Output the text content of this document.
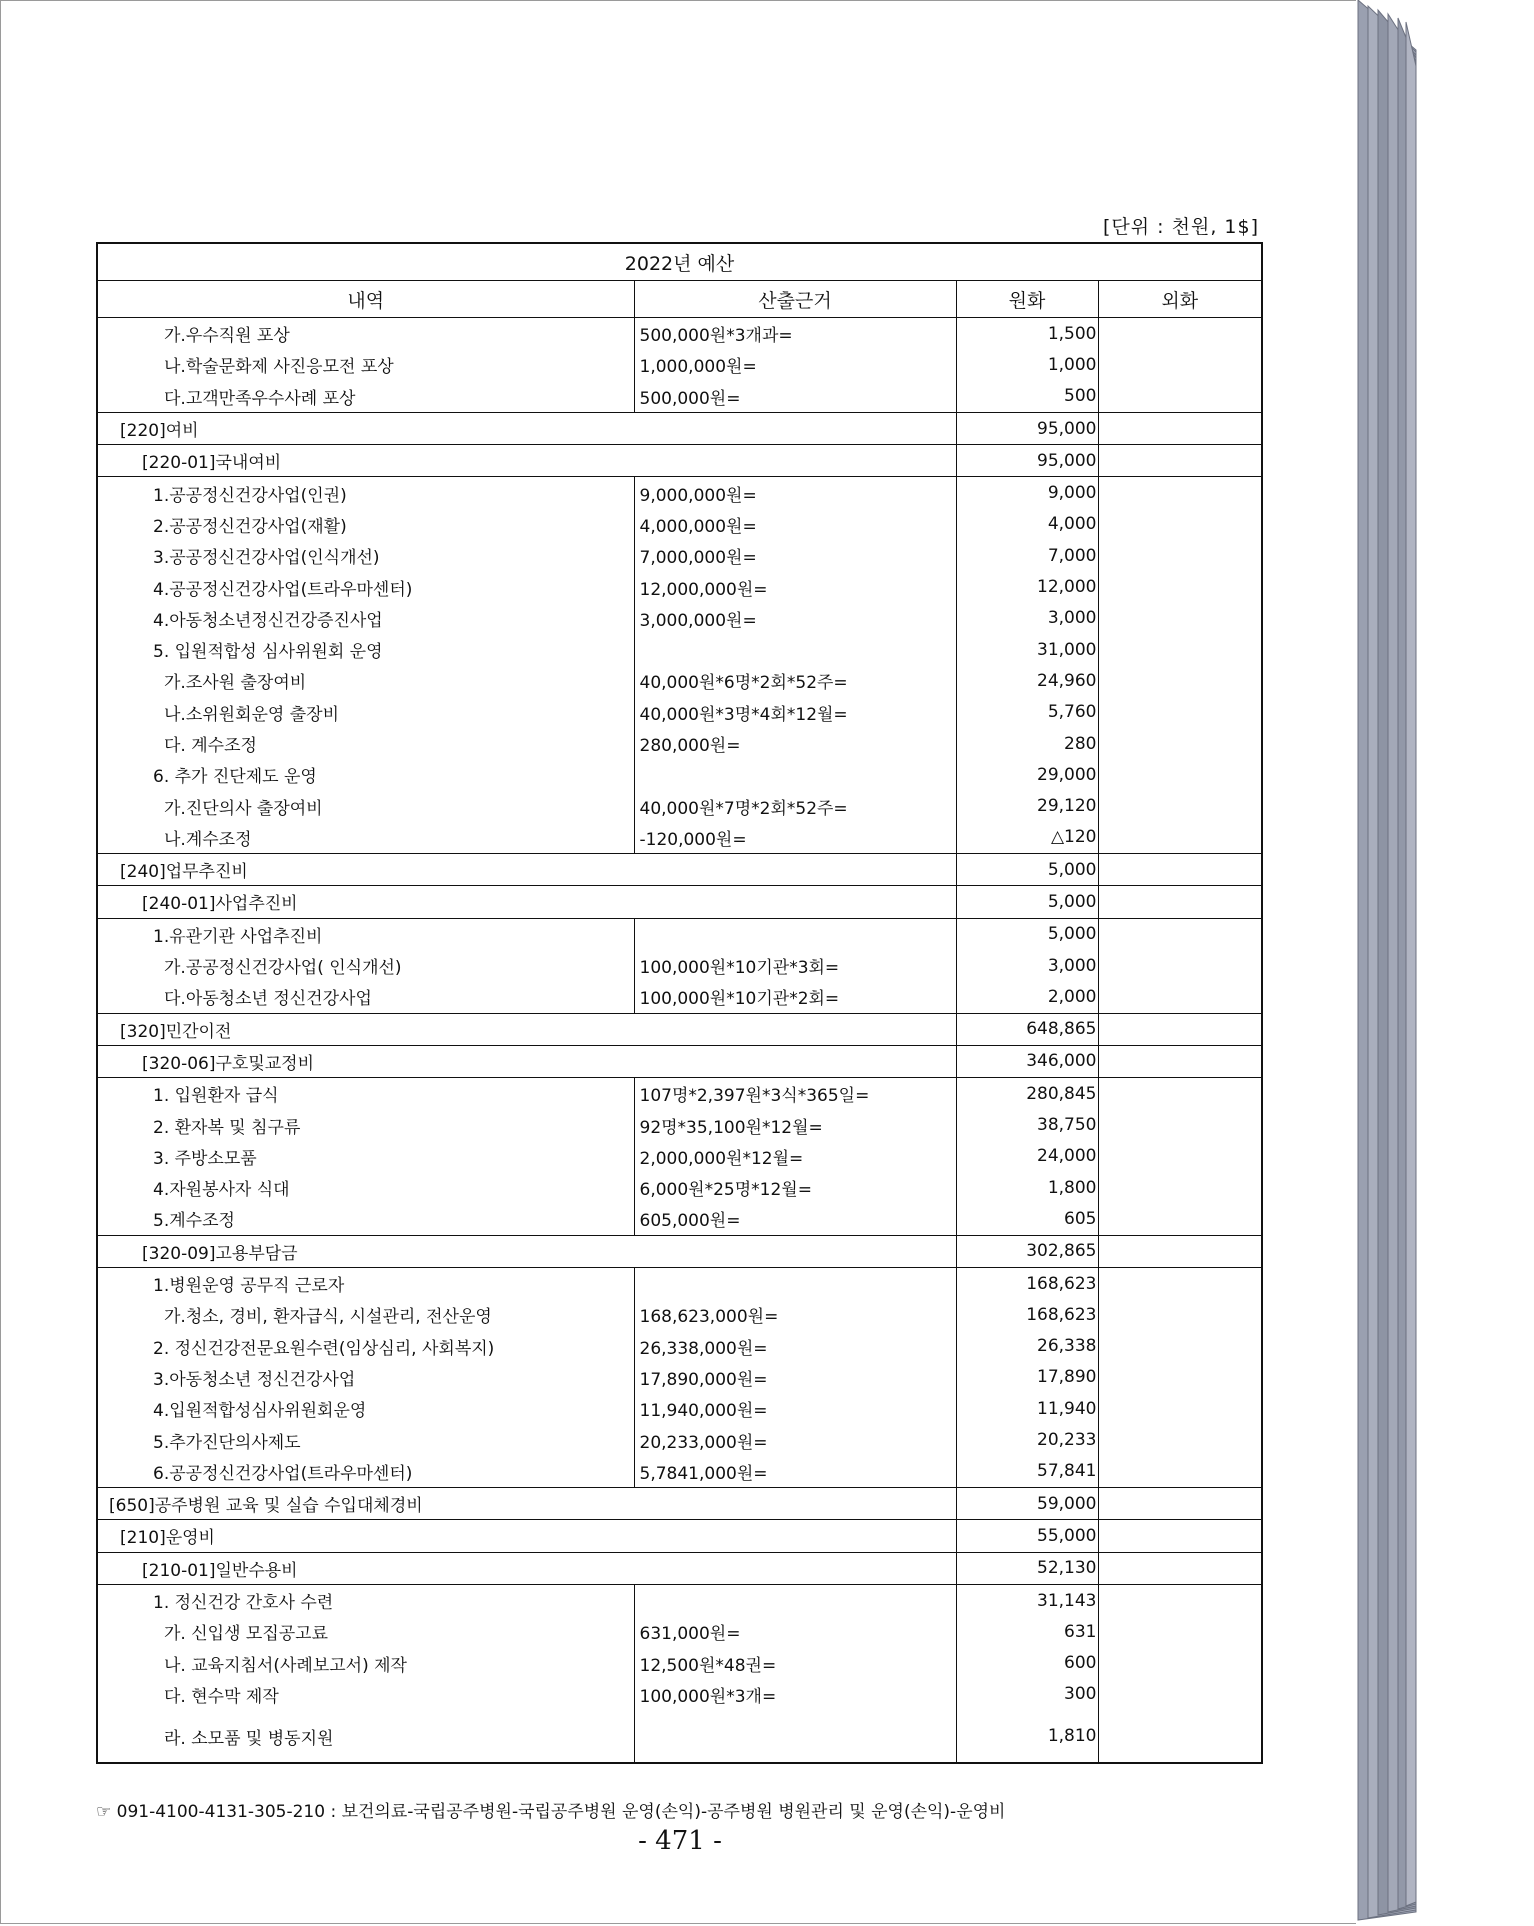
[단위 : 천원, 1$]
2022년 예산			
내역	산출근거	원화	외화
가.우수직원 포상	500,000원*3개과=	1,500	
나.학술문화제 사진응모전 포상	1,000,000원=	1,000	
다.고객만족우수사례 포상	500,000원=	500	
[220]여비		95,000	
[220-01]국내여비		95,000	
1.공공정신건강사업(인권)	9,000,000원=	9,000	
2.공공정신건강사업(재활)	4,000,000원=	4,000	
3.공공정신건강사업(인식개선)	7,000,000원=	7,000	
4.공공정신건강사업(트라우마센터)	12,000,000원=	12,000	
4.아동청소년정신건강증진사업	3,000,000원=	3,000	
5. 입원적합성 심사위원회 운영		31,000	
가.조사원 출장여비	40,000원*6명*2회*52주=	24,960	
나.소위원회운영 출장비	40,000원*3명*4회*12월=	5,760	
다. 계수조정	280,000원=	280	
6. 추가 진단제도 운영		29,000	
가.진단의사 출장여비	40,000원*7명*2회*52주=	29,120	
나.계수조정	-120,000원=	△120	
[240]업무추진비		5,000	
[240-01]사업추진비		5,000	
1.유관기관 사업추진비		5,000	
가.공공정신건강사업( 인식개선)	100,000원*10기관*3회=	3,000	
다.아동청소년 정신건강사업	100,000원*10기관*2회=	2,000	
[320]민간이전		648,865	
[320-06]구호및교정비		346,000	
1. 입원환자 급식	107명*2,397원*3식*365일=	280,845	
2. 환자복 및 침구류	92명*35,100원*12월=	38,750	
3. 주방소모품	2,000,000원*12월=	24,000	
4.자원봉사자 식대	6,000원*25명*12월=	1,800	
5.계수조정	605,000원=	605	
[320-09]고용부담금		302,865	
1.병원운영 공무직 근로자		168,623	
가.청소, 경비, 환자급식, 시설관리, 전산운영	168,623,000원=	168,623	
2. 정신건강전문요원수련(임상심리, 사회복지)	26,338,000원=	26,338	
3.아동청소년 정신건강사업	17,890,000원=	17,890	
4.입원적합성심사위원회운영	11,940,000원=	11,940	
5.추가진단의사제도	20,233,000원=	20,233	
6.공공정신건강사업(트라우마센터)	5,7841,000원=	57,841	
[650]공주병원 교육 및 실습 수입대체경비		59,000	
[210]운영비		55,000	
[210-01]일반수용비		52,130	
1. 정신건강 간호사 수련		31,143	
가. 신입생 모집공고료	631,000원=	631	
나. 교육지침서(사례보고서) 제작	12,500원*48권=	600	
다. 현수막 제작	100,000원*3개=	300	
라. 소모품 및 병동지원		1,810	
☞ 091-4100-4131-305-210 : 보건의료-국립공주병원-국립공주병원 운영(손익)-공주병원 병원관리 및 운영(손익)-운영비
- 471 -
